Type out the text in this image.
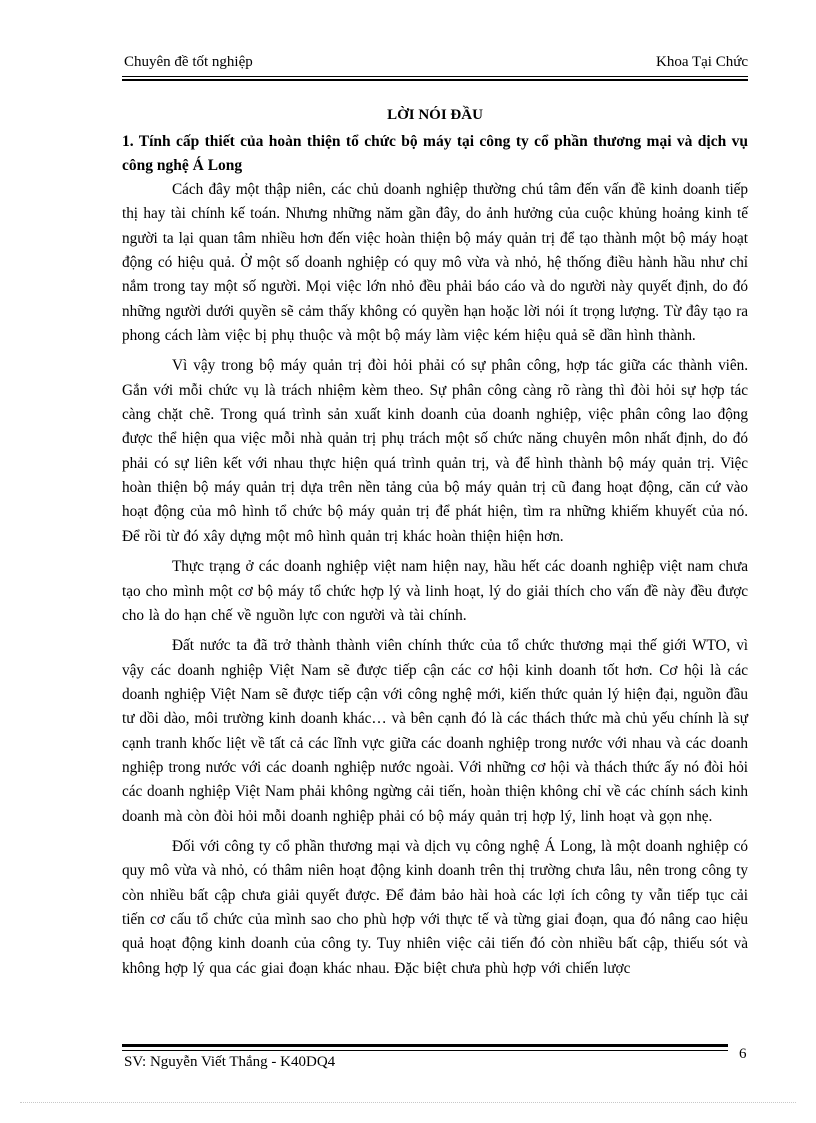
Chuyên đề tốt nghiệp	Khoa Tại Chức

LỜI NÓI ĐẦU

1. Tính cấp thiết của hoàn thiện tổ chức bộ máy tại công ty cổ phần thương mại và dịch vụ công nghệ Á Long

Cách đây một thập niên, các chủ doanh nghiệp thường chú tâm đến vấn đề kinh doanh tiếp thị hay tài chính kế toán. Nhưng những năm gần đây, do ảnh hưởng của cuộc khủng hoảng kinh tế người ta lại quan tâm nhiều hơn đến việc hoàn thiện bộ máy quản trị để tạo thành một bộ máy hoạt động có hiệu quả. Ở một số doanh nghiệp có quy mô vừa và nhỏ, hệ thống điều hành hầu như chỉ nắm trong tay một số người. Mọi việc lớn nhỏ đều phải báo cáo và do người này quyết định, do đó những người dưới quyền sẽ cảm thấy không có quyền hạn hoặc lời nói ít trọng lượng. Từ đây tạo ra phong cách làm việc bị phụ thuộc và một bộ máy làm việc kém hiệu quả sẽ dần hình thành.

Vì vậy trong bộ máy quản trị đòi hỏi phải có sự phân công, hợp tác giữa các thành viên. Gắn với mỗi chức vụ là trách nhiệm kèm theo. Sự phân công càng rõ ràng thì đòi hỏi sự hợp tác càng chặt chẽ. Trong quá trình sản xuất kinh doanh của doanh nghiệp, việc phân công lao động được thể hiện qua việc mỗi nhà quản trị phụ trách một số chức năng chuyên môn nhất định, do đó phải có sự liên kết với nhau thực hiện quá trình quản trị, và để hình thành bộ máy quản trị. Việc hoàn thiện bộ máy quản trị dựa trên nền tảng của bộ máy quản trị cũ đang hoạt động, căn cứ vào hoạt động của mô hình tổ chức bộ máy quản trị để phát hiện, tìm ra những khiếm khuyết của nó. Để rồi từ đó xây dựng một mô hình quản trị khác hoàn thiện hiện hơn.

Thực trạng ở các doanh nghiệp việt nam hiện nay, hầu hết các doanh nghiệp việt nam chưa tạo cho mình một cơ bộ máy tổ chức hợp lý và linh hoạt, lý do giải thích cho vấn đề này đều được cho là do hạn chế về nguồn lực con người và tài chính.

Đất nước ta đã trở thành thành viên chính thức của tổ chức thương mại thế giới WTO, vì vậy các doanh nghiệp Việt Nam sẽ được tiếp cận các cơ hội kinh doanh tốt hơn. Cơ hội là các doanh nghiệp Việt Nam sẽ được tiếp cận với công nghệ mới, kiến thức quản lý hiện đại, nguồn đầu tư dồi dào, môi trường kinh doanh khác… và bên cạnh đó là các thách thức mà chủ yếu chính là sự cạnh tranh khốc liệt về tất cả các lĩnh vực giữa các doanh nghiệp trong nước với nhau và các doanh nghiệp trong nước với các doanh nghiệp nước ngoài. Với những cơ hội và thách thức ấy nó đòi hỏi các doanh nghiệp Việt Nam phải không ngừng cải tiến, hoàn thiện không chỉ về các chính sách kinh doanh mà còn đòi hỏi mỗi doanh nghiệp phải có bộ máy quản trị hợp lý, linh hoạt và gọn nhẹ.

Đối với công ty cổ phần thương mại và dịch vụ công nghệ Á Long, là một doanh nghiệp có quy mô vừa và nhỏ, có thâm niên hoạt động kinh doanh trên thị trường chưa lâu, nên trong công ty còn nhiều bất cập chưa giải quyết được. Để đảm bảo hài hoà các lợi ích công ty vẫn tiếp tục cải tiến cơ cấu tổ chức của mình sao cho phù hợp với thực tế và từng giai đoạn, qua đó nâng cao hiệu quả hoạt động kinh doanh của công ty. Tuy nhiên việc cải tiến đó còn nhiều bất cập, thiếu sót và không hợp lý qua các giai đoạn khác nhau. Đặc biệt chưa phù hợp với chiến lược

6
SV: Nguyễn Viết Thắng - K40DQ4
